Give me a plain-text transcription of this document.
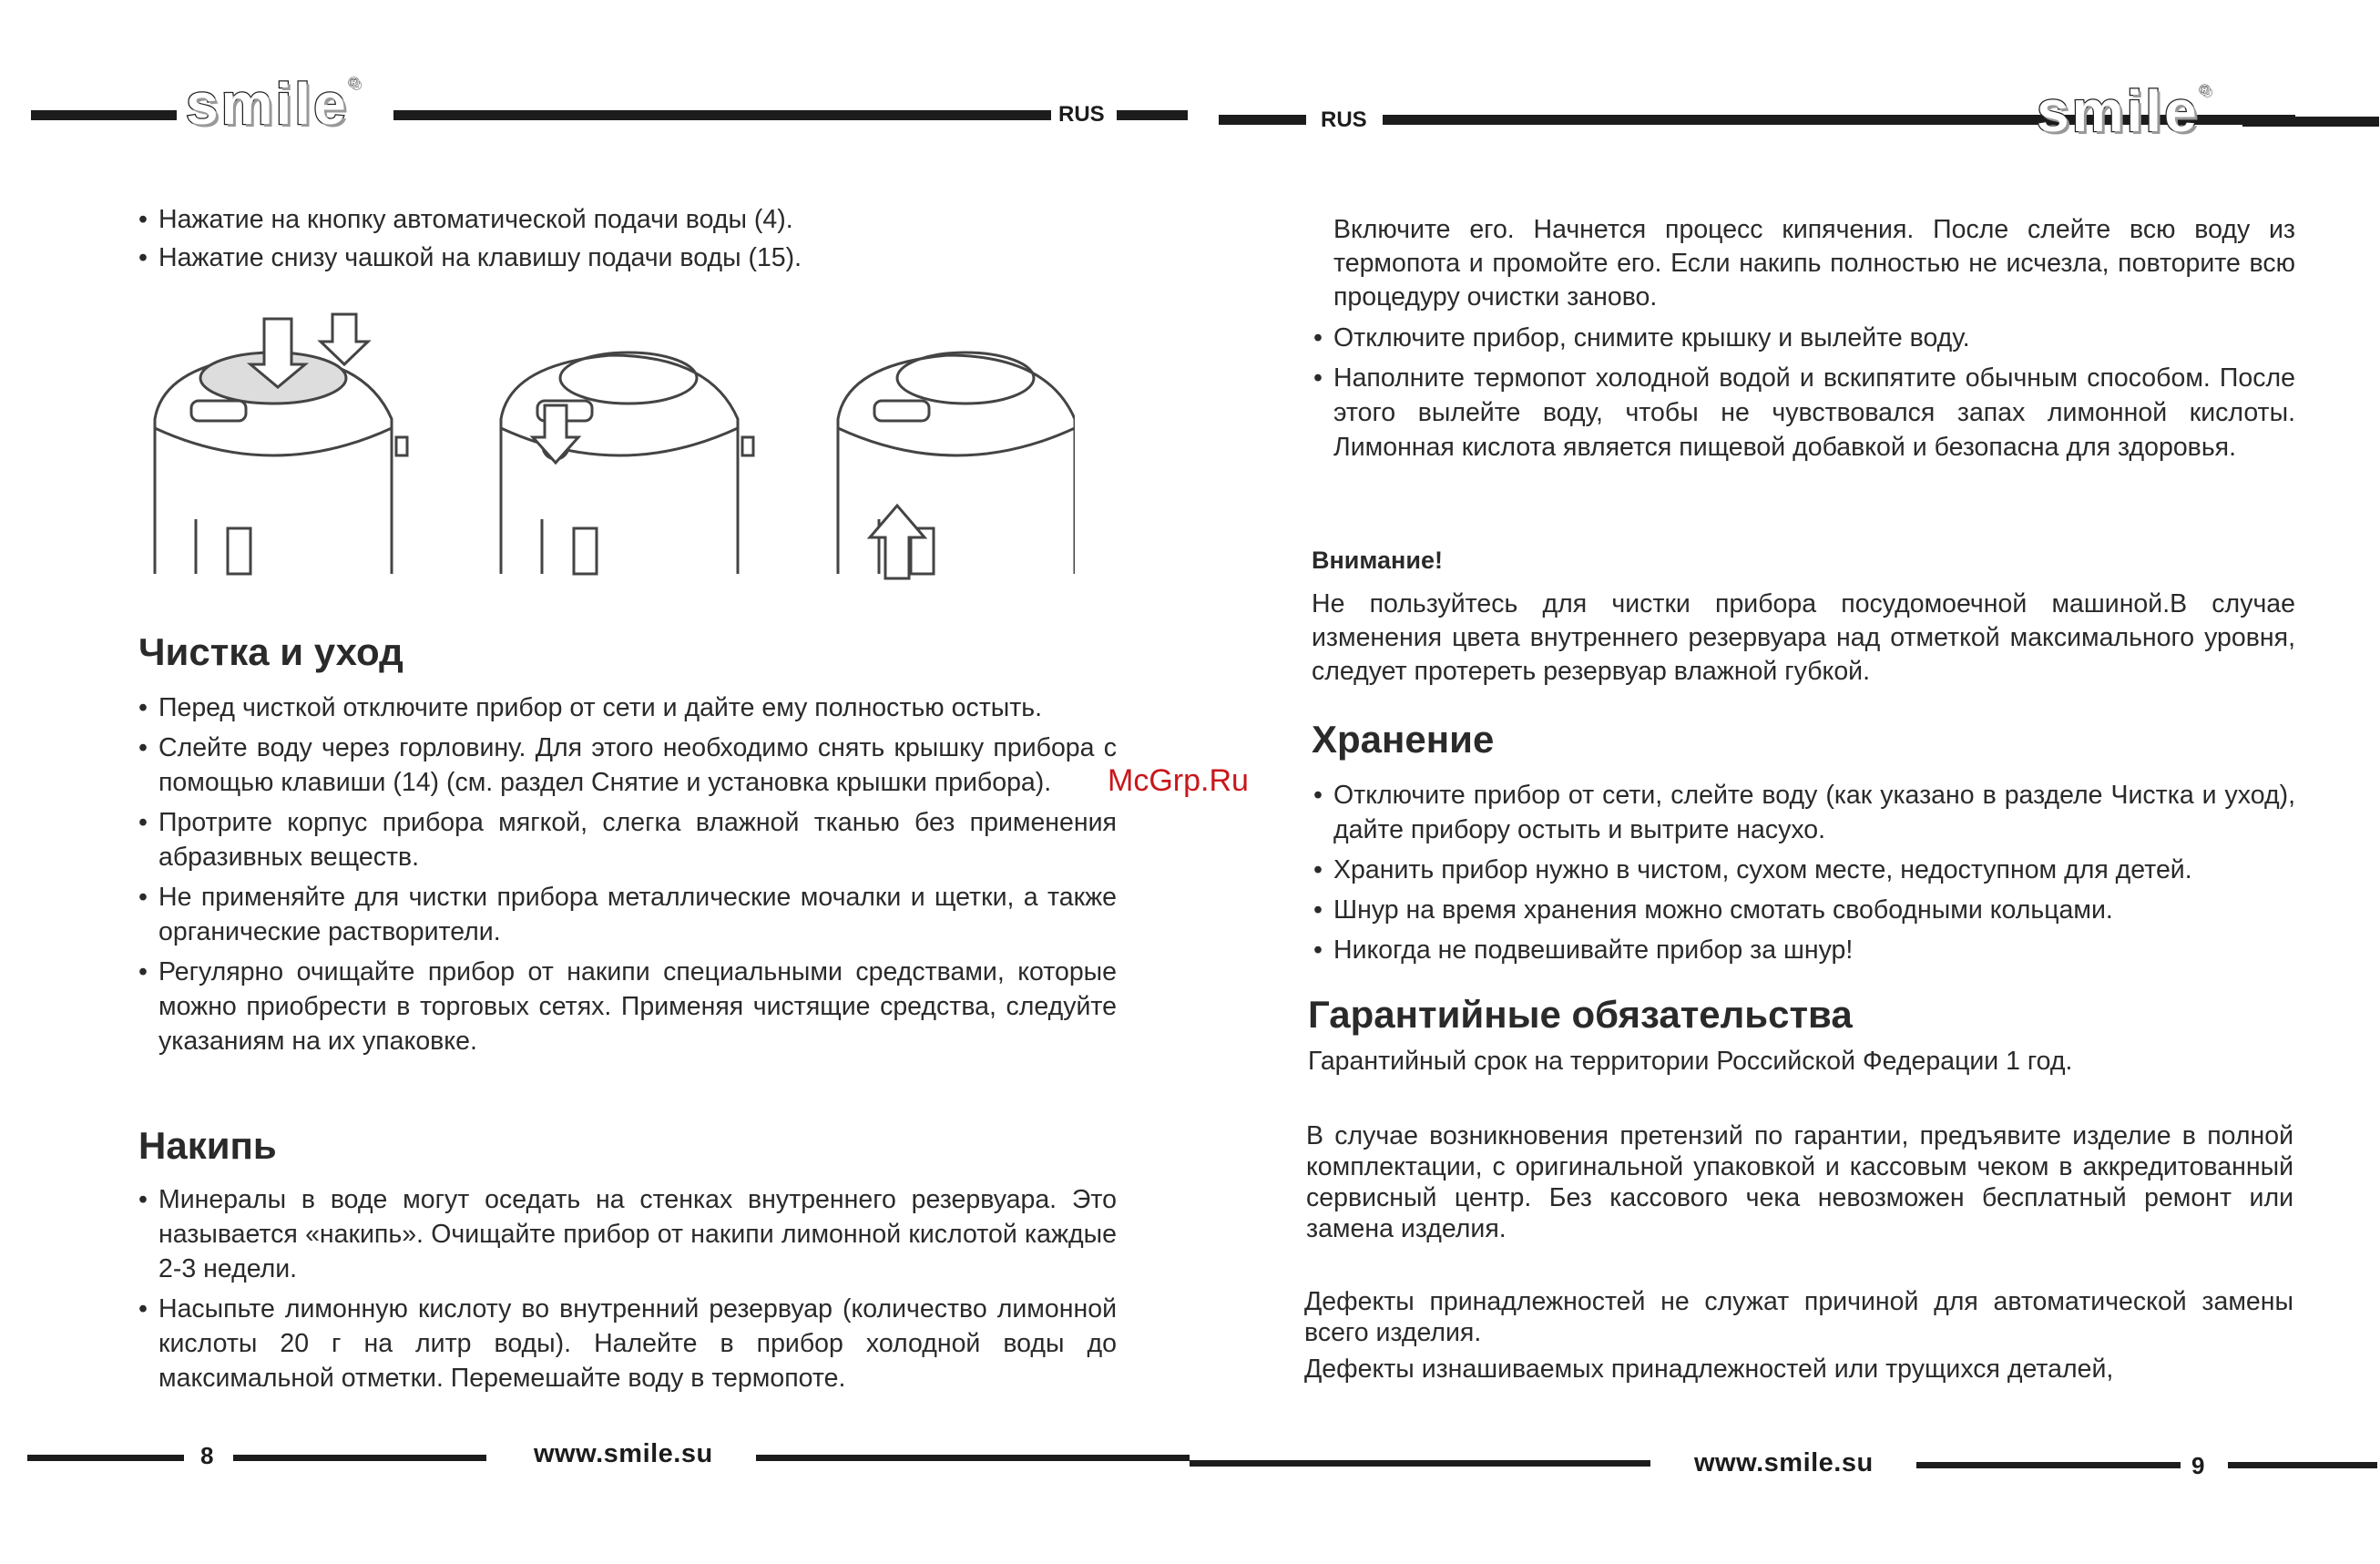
smile®
RUS
• Нажатие на кнопку автоматической подачи воды (4).
• Нажатие снизу чашкой на клавишу подачи воды (15).
Чистка и уход
• Перед чисткой отключите прибор от сети и дайте ему полностью остыть.
• Слейте воду через горловину. Для этого необходимо снять крышку прибора с помощью клавиши (14) (см. раздел Снятие и установка крышки прибора).
• Протрите корпус прибора мягкой, слегка влажной тканью без применения абразивных веществ.
• Не применяйте для чистки прибора металлические мочалки и щетки, а также органические растворители.
• Регулярно очищайте прибор от накипи специальными средствами, которые можно приобрести в торговых сетях. Применяя чистящие средства, следуйте указаниям на их упаковке.
Накипь
• Минералы в воде могут оседать на стенках внутреннего резервуара. Это называется «накипь». Очищайте прибор от накипи лимонной кислотой каждые 2-3 недели.
• Насыпьте лимонную кислоту во внутренний резервуар (количество лимонной кислоты 20 г на литр воды). Налейте в прибор холодной воды до максимальной отметки. Перемешайте воду в термопоте.
8	www.smile.su
McGrp.Ru
RUS	smile®
Включите его. Начнется процесс кипячения. После слейте всю воду из термопота и промойте его. Если накипь полностью не исчезла, повторите всю процедуру очистки заново.
• Отключите прибор, снимите крышку и вылейте воду.
• Наполните термопот холодной водой и вскипятите обычным способом. После этого вылейте воду, чтобы не чувствовался запах лимонной кислоты. Лимонная кислота является пищевой добавкой и безопасна для здоровья.
Внимание!

Не пользуйтесь для чистки прибора посудомоечной машиной.В случае изменения цвета внутреннего резервуара над отметкой максимального уровня, следует протереть резервуар влажной губкой.

Хранение
• Отключите прибор от сети, слейте воду (как указано в разделе Чистка и уход), дайте прибору остыть и вытрите насухо.
• Хранить прибор нужно в чистом, сухом месте, недоступном для детей.
• Шнур на время хранения можно смотать свободными кольцами.
• Никогда не подвешивайте прибор за шнур!
Гарантийные обязательства

Гарантийный срок на территории Российской Федерации 1 год.

В случае возникновения претензий по гарантии, предъявите изделие в полной комплектации, с оригинальной упаковкой и кассовым чеком в аккредитованный сервисный центр. Без кассового чека невозможен бесплатный ремонт или замена изделия.

Дефекты принадлежностей не служат причиной для автоматической замены всего изделия.

Дефекты изнашиваемых принадлежностей или трущихся деталей,

www.smile.su	9
